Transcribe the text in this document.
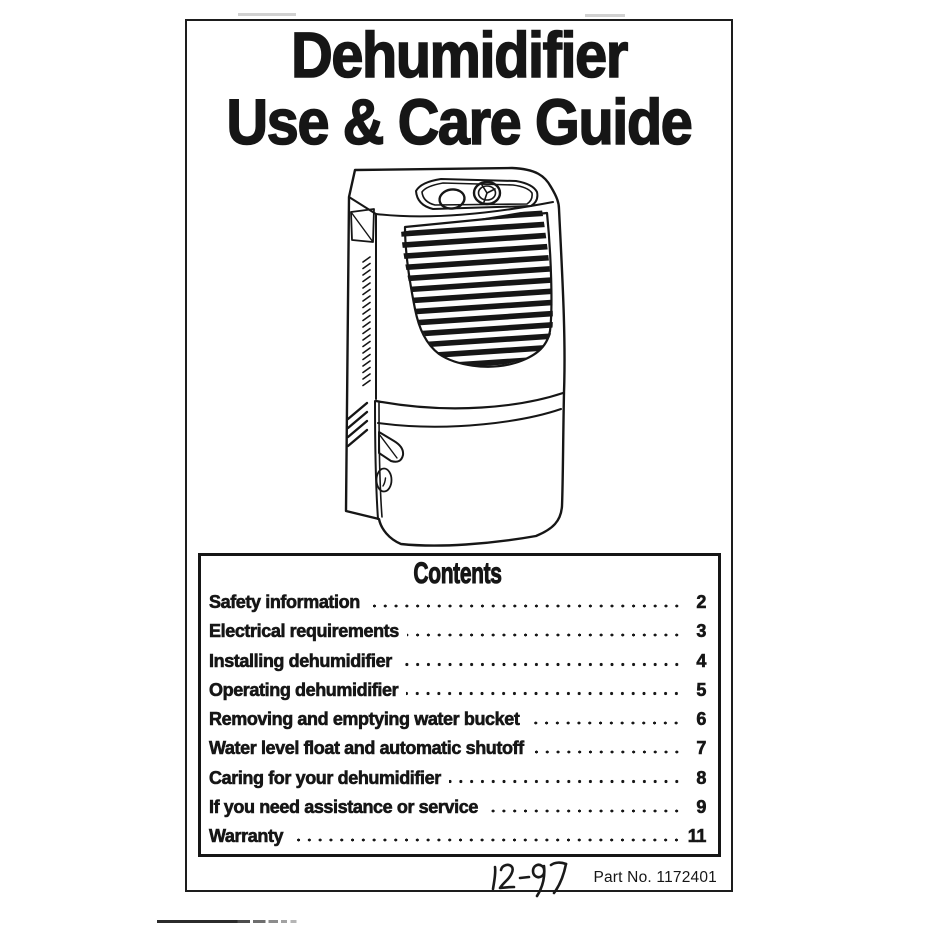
Dehumidifier
Use & Care Guide
Contents
Safety information	2
Electrical requirements	3
Installing dehumidifier	4
Operating dehumidifier	5
Removing and emptying water bucket	6
Water level float and automatic shutoff	7
Caring for your dehumidifier	8
If you need assistance or service	9
Warranty	11
Part No. 1172401
